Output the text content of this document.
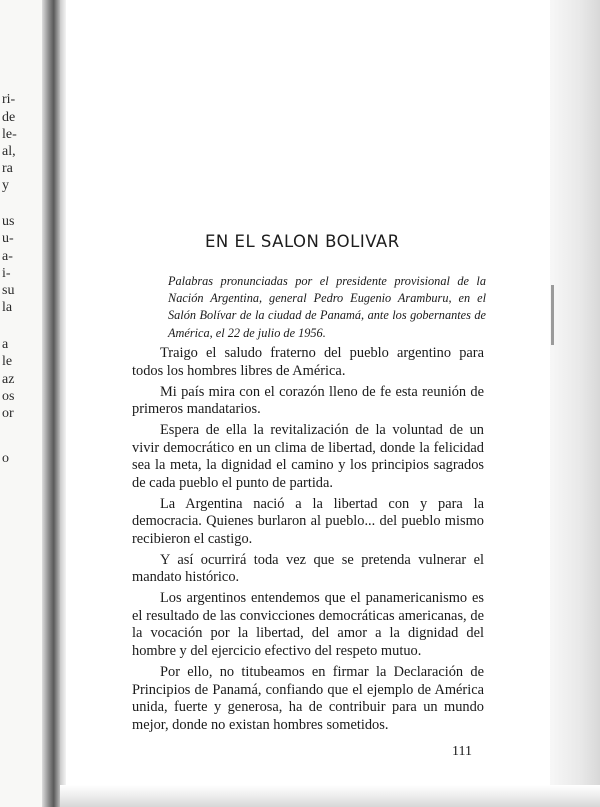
ri-
de
le-
al,
ra
y
us
u-
a-
i-
su
la
a
le
az
os
or
o
EN EL SALON BOLIVAR
Palabras pronunciadas por el presidente provisional de la Nación Argentina, general Pedro Eugenio Aramburu, en el Salón Bolívar de la ciudad de Panamá, ante los gobernantes de América, el 22 de julio de 1956.

Traigo el saludo fraterno del pueblo argentino para todos los hombres libres de América.

Mi país mira con el corazón lleno de fe esta reunión de primeros mandatarios.

Espera de ella la revitalización de la voluntad de un vivir democrático en un clima de libertad, donde la felicidad sea la meta, la dignidad el camino y los principios sagrados de cada pueblo el punto de partida.

La Argentina nació a la libertad con y para la democracia. Quienes burlaron al pueblo... del pueblo mismo recibieron el castigo.

Y así ocurrirá toda vez que se pretenda vulnerar el mandato histórico.

Los argentinos entendemos que el panamericanismo es el resultado de las convicciones democráticas americanas, de la vocación por la libertad, del amor a la dignidad del hombre y del ejercicio efectivo del respeto mutuo.

Por ello, no titubeamos en firmar la Declaración de Principios de Panamá, confiando que el ejemplo de América unida, fuerte y generosa, ha de contribuir para un mundo mejor, donde no existan hombres sometidos.

111
